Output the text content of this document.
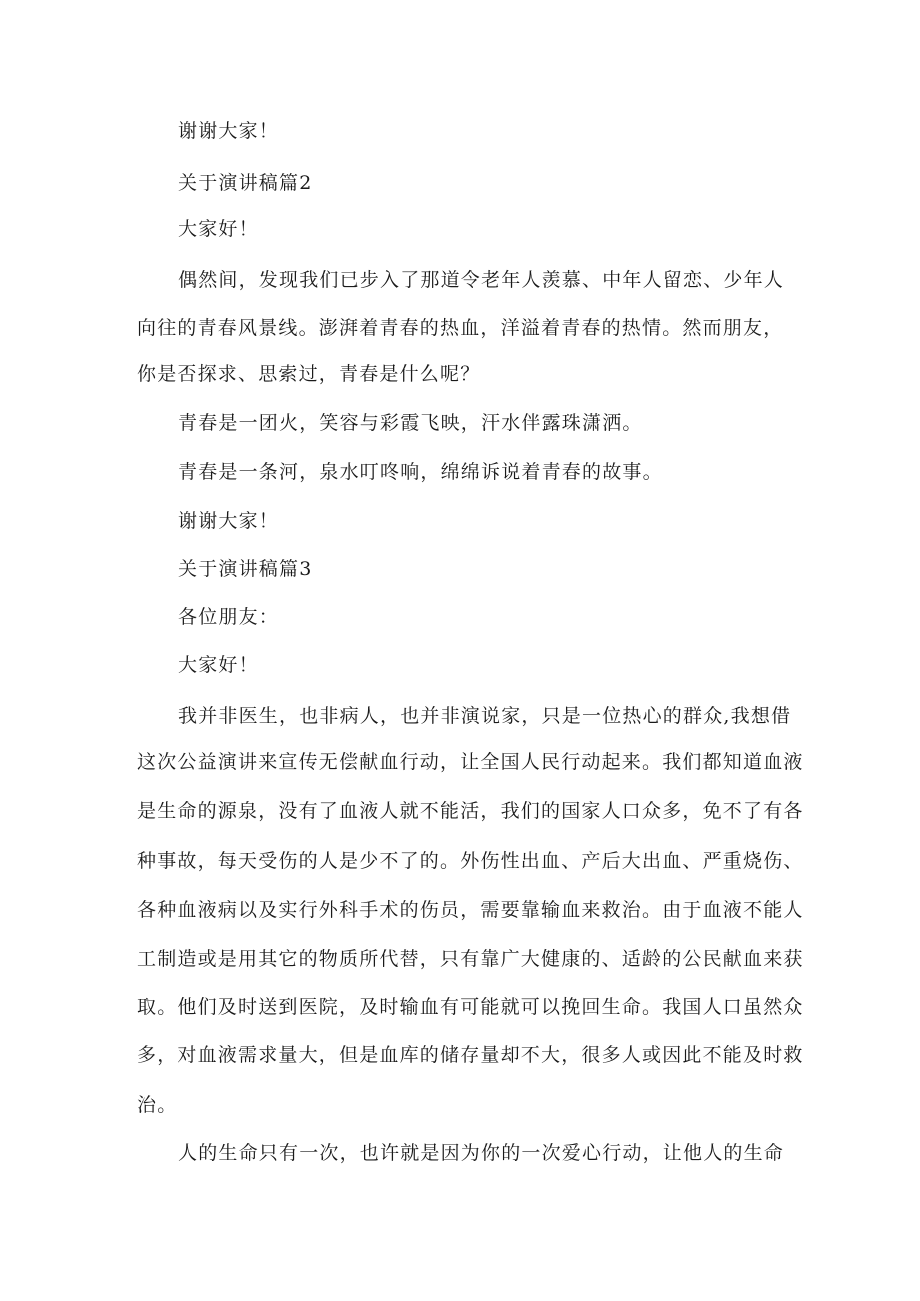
谢谢大家！
关于演讲稿篇2
大家好！
偶然间，发现我们已步入了那道令老年人羡慕、中年人留恋、少年人
向往的青春风景线。澎湃着青春的热血，洋溢着青春的热情。然而朋友，
你是否探求、思索过，青春是什么呢？
青春是一团火，笑容与彩霞飞映，汗水伴露珠潇洒。
青春是一条河，泉水叮咚响，绵绵诉说着青春的故事。
谢谢大家！
关于演讲稿篇3
各位朋友：
大家好！
我并非医生，也非病人，也并非演说家，只是一位热心的群众,我想借
这次公益演讲来宣传无偿献血行动，让全国人民行动起来。我们都知道血液
是生命的源泉，没有了血液人就不能活，我们的国家人口众多，免不了有各
种事故，每天受伤的人是少不了的。外伤性出血、产后大出血、严重烧伤、
各种血液病以及实行外科手术的伤员，需要靠输血来救治。由于血液不能人
工制造或是用其它的物质所代替，只有靠广大健康的、适龄的公民献血来获
取。他们及时送到医院，及时输血有可能就可以挽回生命。我国人口虽然众
多，对血液需求量大，但是血库的储存量却不大，很多人或因此不能及时救
治。
人的生命只有一次，也许就是因为你的一次爱心行动，让他人的生命
